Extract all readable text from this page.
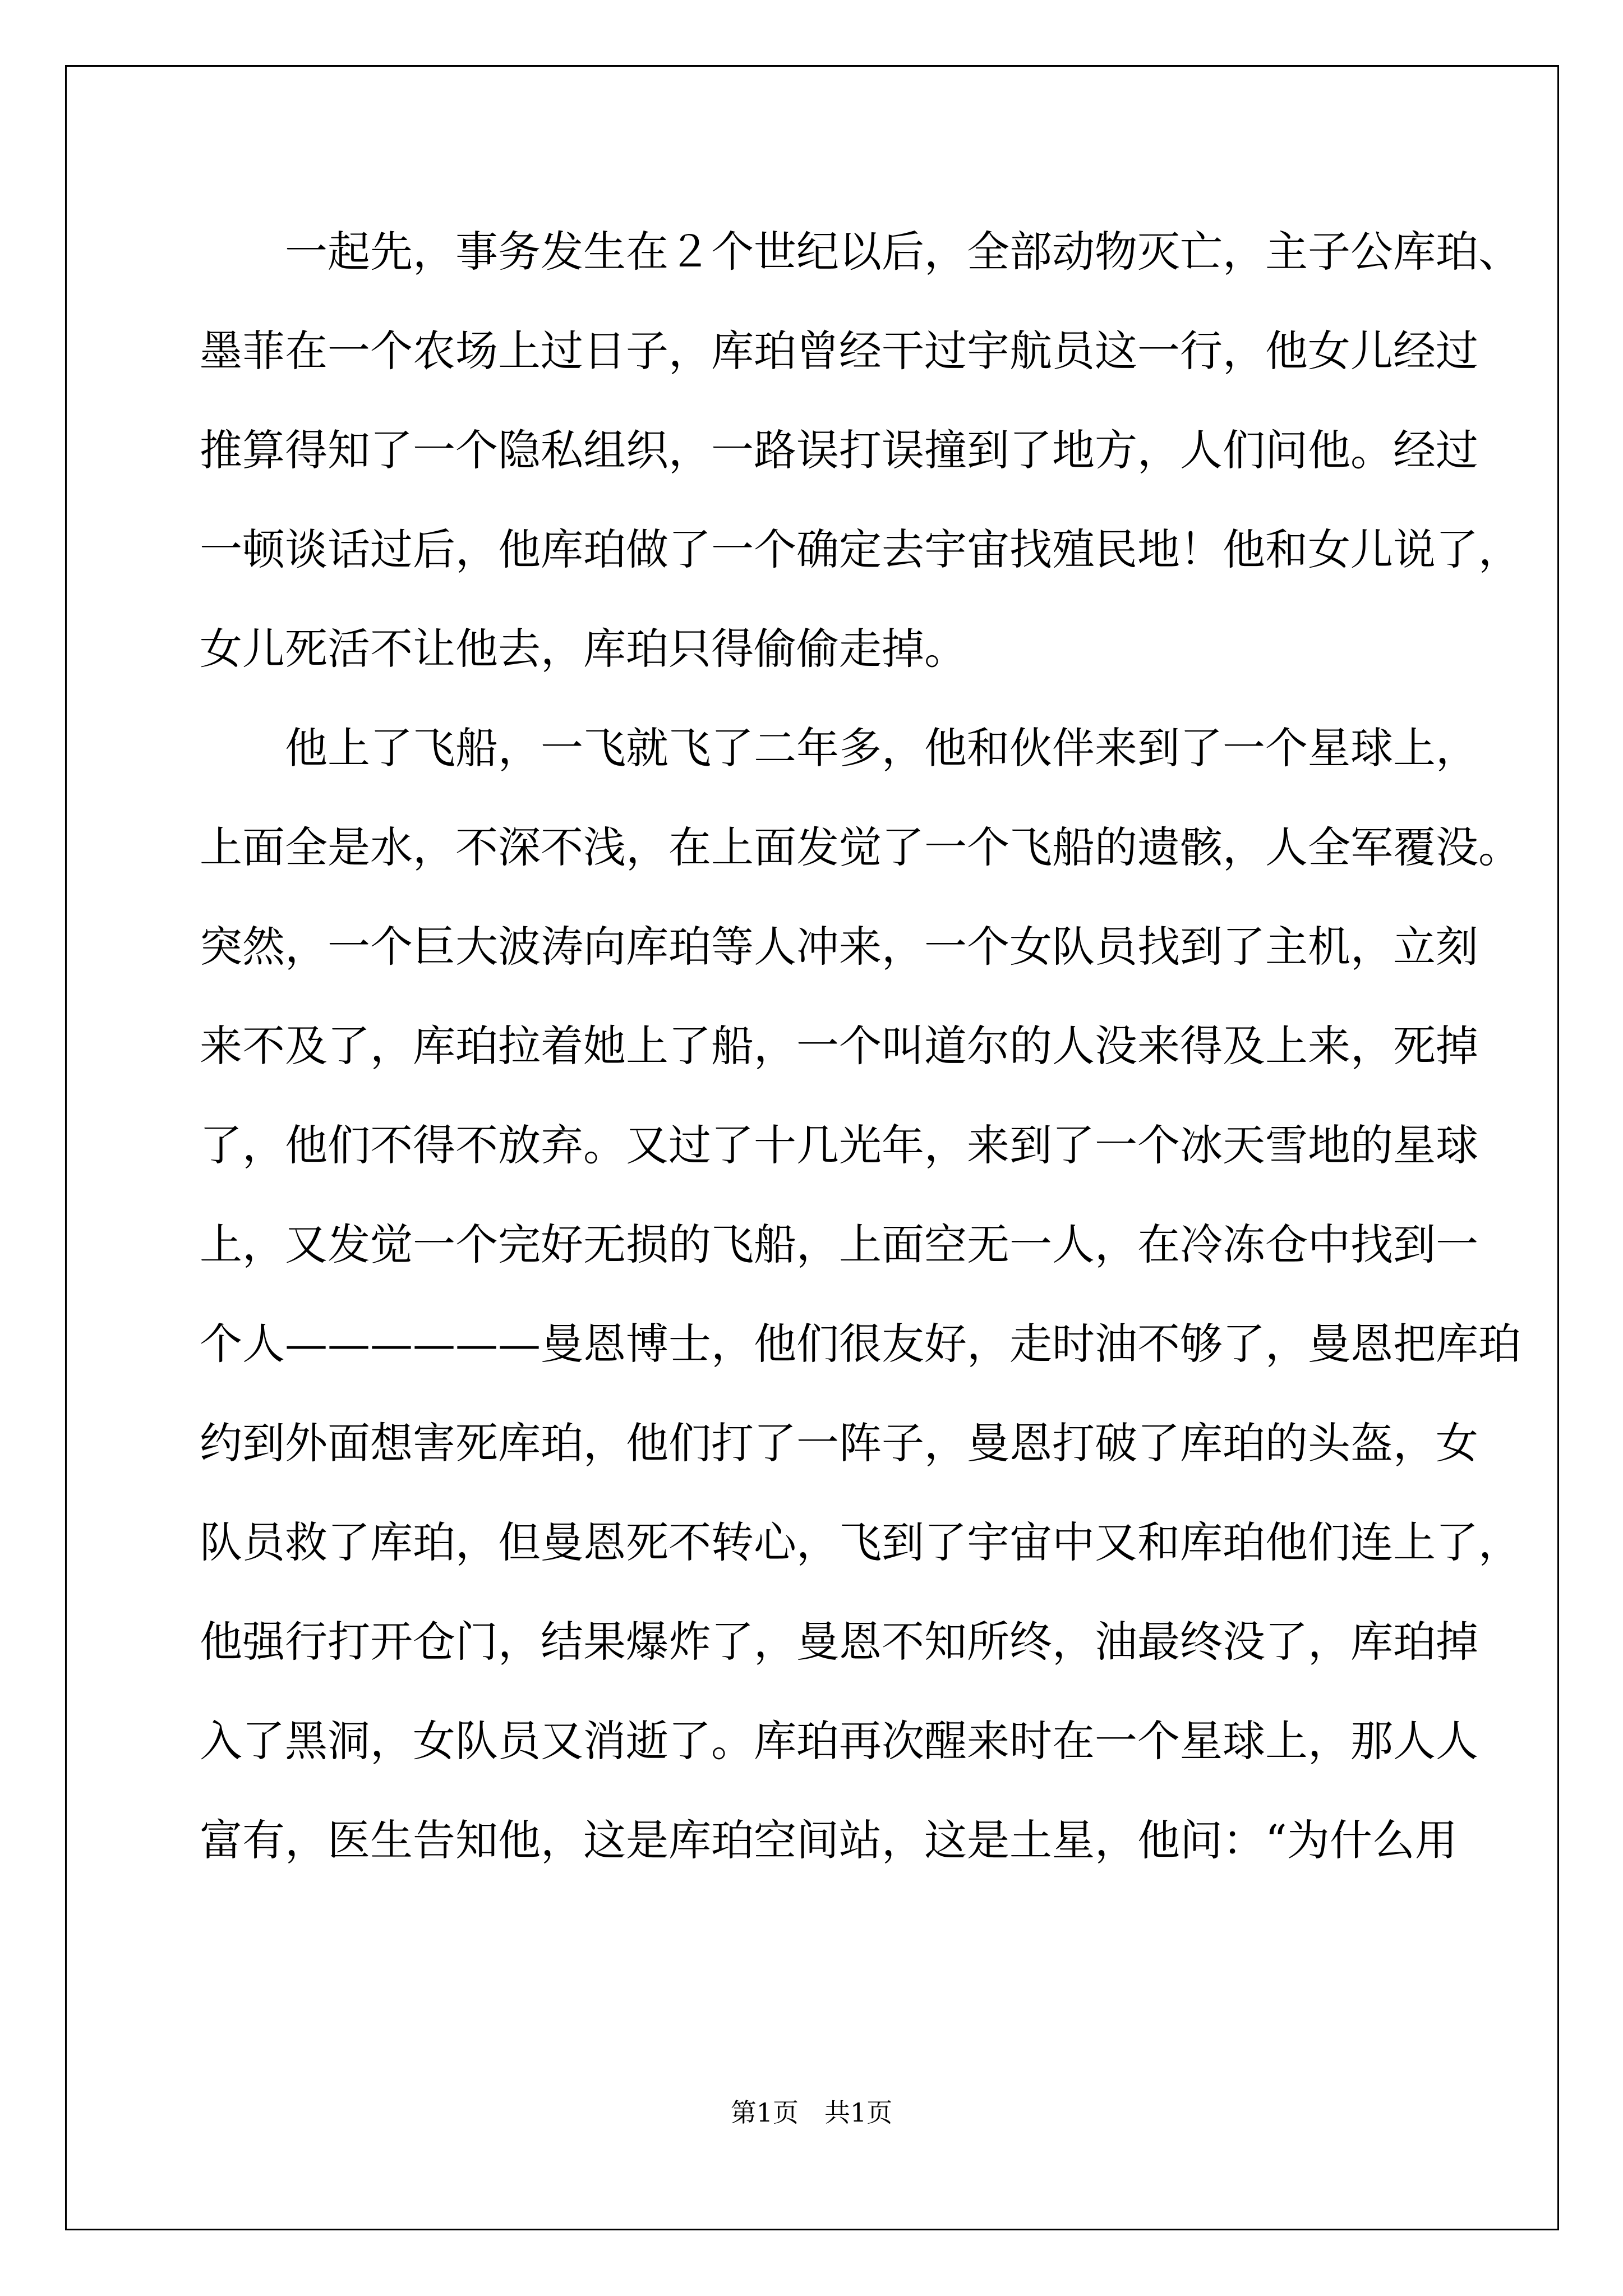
一起先，事务发生在２个世纪以后，全部动物灭亡，主子公库珀、
墨菲在一个农场上过日子，库珀曾经干过宇航员这一行，他女儿经过
推算得知了一个隐私组织，一路误打误撞到了地方，人们问他。经过
一顿谈话过后，他库珀做了一个确定去宇宙找殖民地！他和女儿说了，
女儿死活不让他去，库珀只得偷偷走掉。
他上了飞船，一飞就飞了二年多，他和伙伴来到了一个星球上，
上面全是水，不深不浅，在上面发觉了一个飞船的遗骸，人全军覆没。
突然，一个巨大波涛向库珀等人冲来，一个女队员找到了主机，立刻
来不及了，库珀拉着她上了船，一个叫道尔的人没来得及上来，死掉
了，他们不得不放弃。又过了十几光年，来到了一个冰天雪地的星球
上，又发觉一个完好无损的飞船，上面空无一人，在冷冻仓中找到一
个人——————曼恩博士，他们很友好，走时油不够了，曼恩把库珀
约到外面想害死库珀，他们打了一阵子，曼恩打破了库珀的头盔，女
队员救了库珀，但曼恩死不转心，飞到了宇宙中又和库珀他们连上了，
他强行打开仓门，结果爆炸了，曼恩不知所终，油最终没了，库珀掉
入了黑洞，女队员又消逝了。库珀再次醒来时在一个星球上，那人人
富有，医生告知他，这是库珀空间站，这是土星，他问：“为什么用
第1页　共1页
